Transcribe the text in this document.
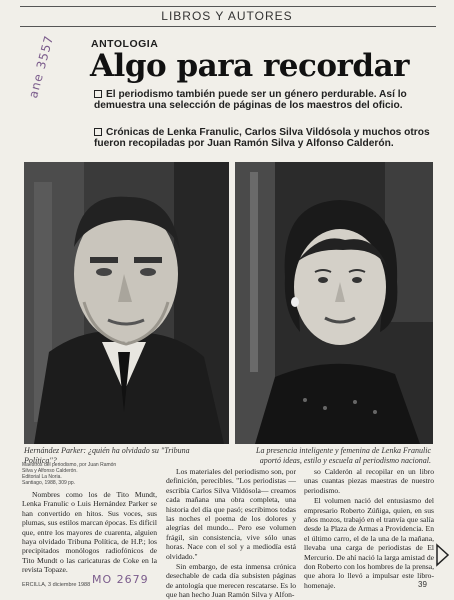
LIBROS Y AUTORES
ANTOLOGIA
Algo para recordar
ane 3557	El periodismo también puede ser un género perdurable. Así lo demuestra una selección de páginas de los maestros del oficio.
Crónicas de Lenka Franulic, Carlos Silva Vildósola y muchos otros fueron recopiladas por Juan Ramón Silva y Alfonso Calderón.
Hernández Parker: ¿quién ha olvidado su "Tribuna Política"?
La presencia inteligente y femenina de Lenka Franulic aportó ideas, estilo y escuela al periodismo nacional.
Maestros del periodismo, por Juan Ramón
Silva y Alfonso Calderón.
Editorial La Noria.
Santiago, 1988, 309 pp.

Nombres como los de Tito Mundt, Lenka Franulic o Luis Hernández Parker se han convertido en hitos. Sus voces, sus plumas, sus estilos marcan épocas. Es difícil que, entre los mayores de cuarenta, alguien haya olvidado Tribuna Política, de H.P.; los precipitados monólogos radiofónicos de Tito Mundt o las caricaturas de Coke en la revista Topaze.

Los materiales del periodismo son, por definición, perecibles. "Los periodistas —escribía Carlos Silva Vildósola— creamos cada mañana una obra completa, una historia del día que pasó; escribimos todas las noches el poema de los dolores y alegrías del mundo... Pero ese volumen frágil, sin consistencia, vive sólo unas horas. Nace con el sol y a mediodía está olvidado."

Sin embargo, de esta inmensa crónica desechable de cada día subsisten páginas de antología que merecen rescatarse. Es lo que han hecho Juan Ramón Silva y Alfon-

so Calderón al recopilar en un libro unas cuantas piezas maestras de nuestro periodismo.

El volumen nació del entusiasmo del empresario Roberto Zúñiga, quien, en sus años mozos, trabajó en el tranvía que salía desde la Plaza de Armas a Providencia. En el último carro, el de la una de la mañana, llevaba una carga de periodistas de El Mercurio. De ahí nació la larga amistad de don Roberto con los hombres de la prensa, que ahora lo llevó a impulsar este libro-homenaje.

ERCILLA, 3 diciembre 1988 MO 2679	39
